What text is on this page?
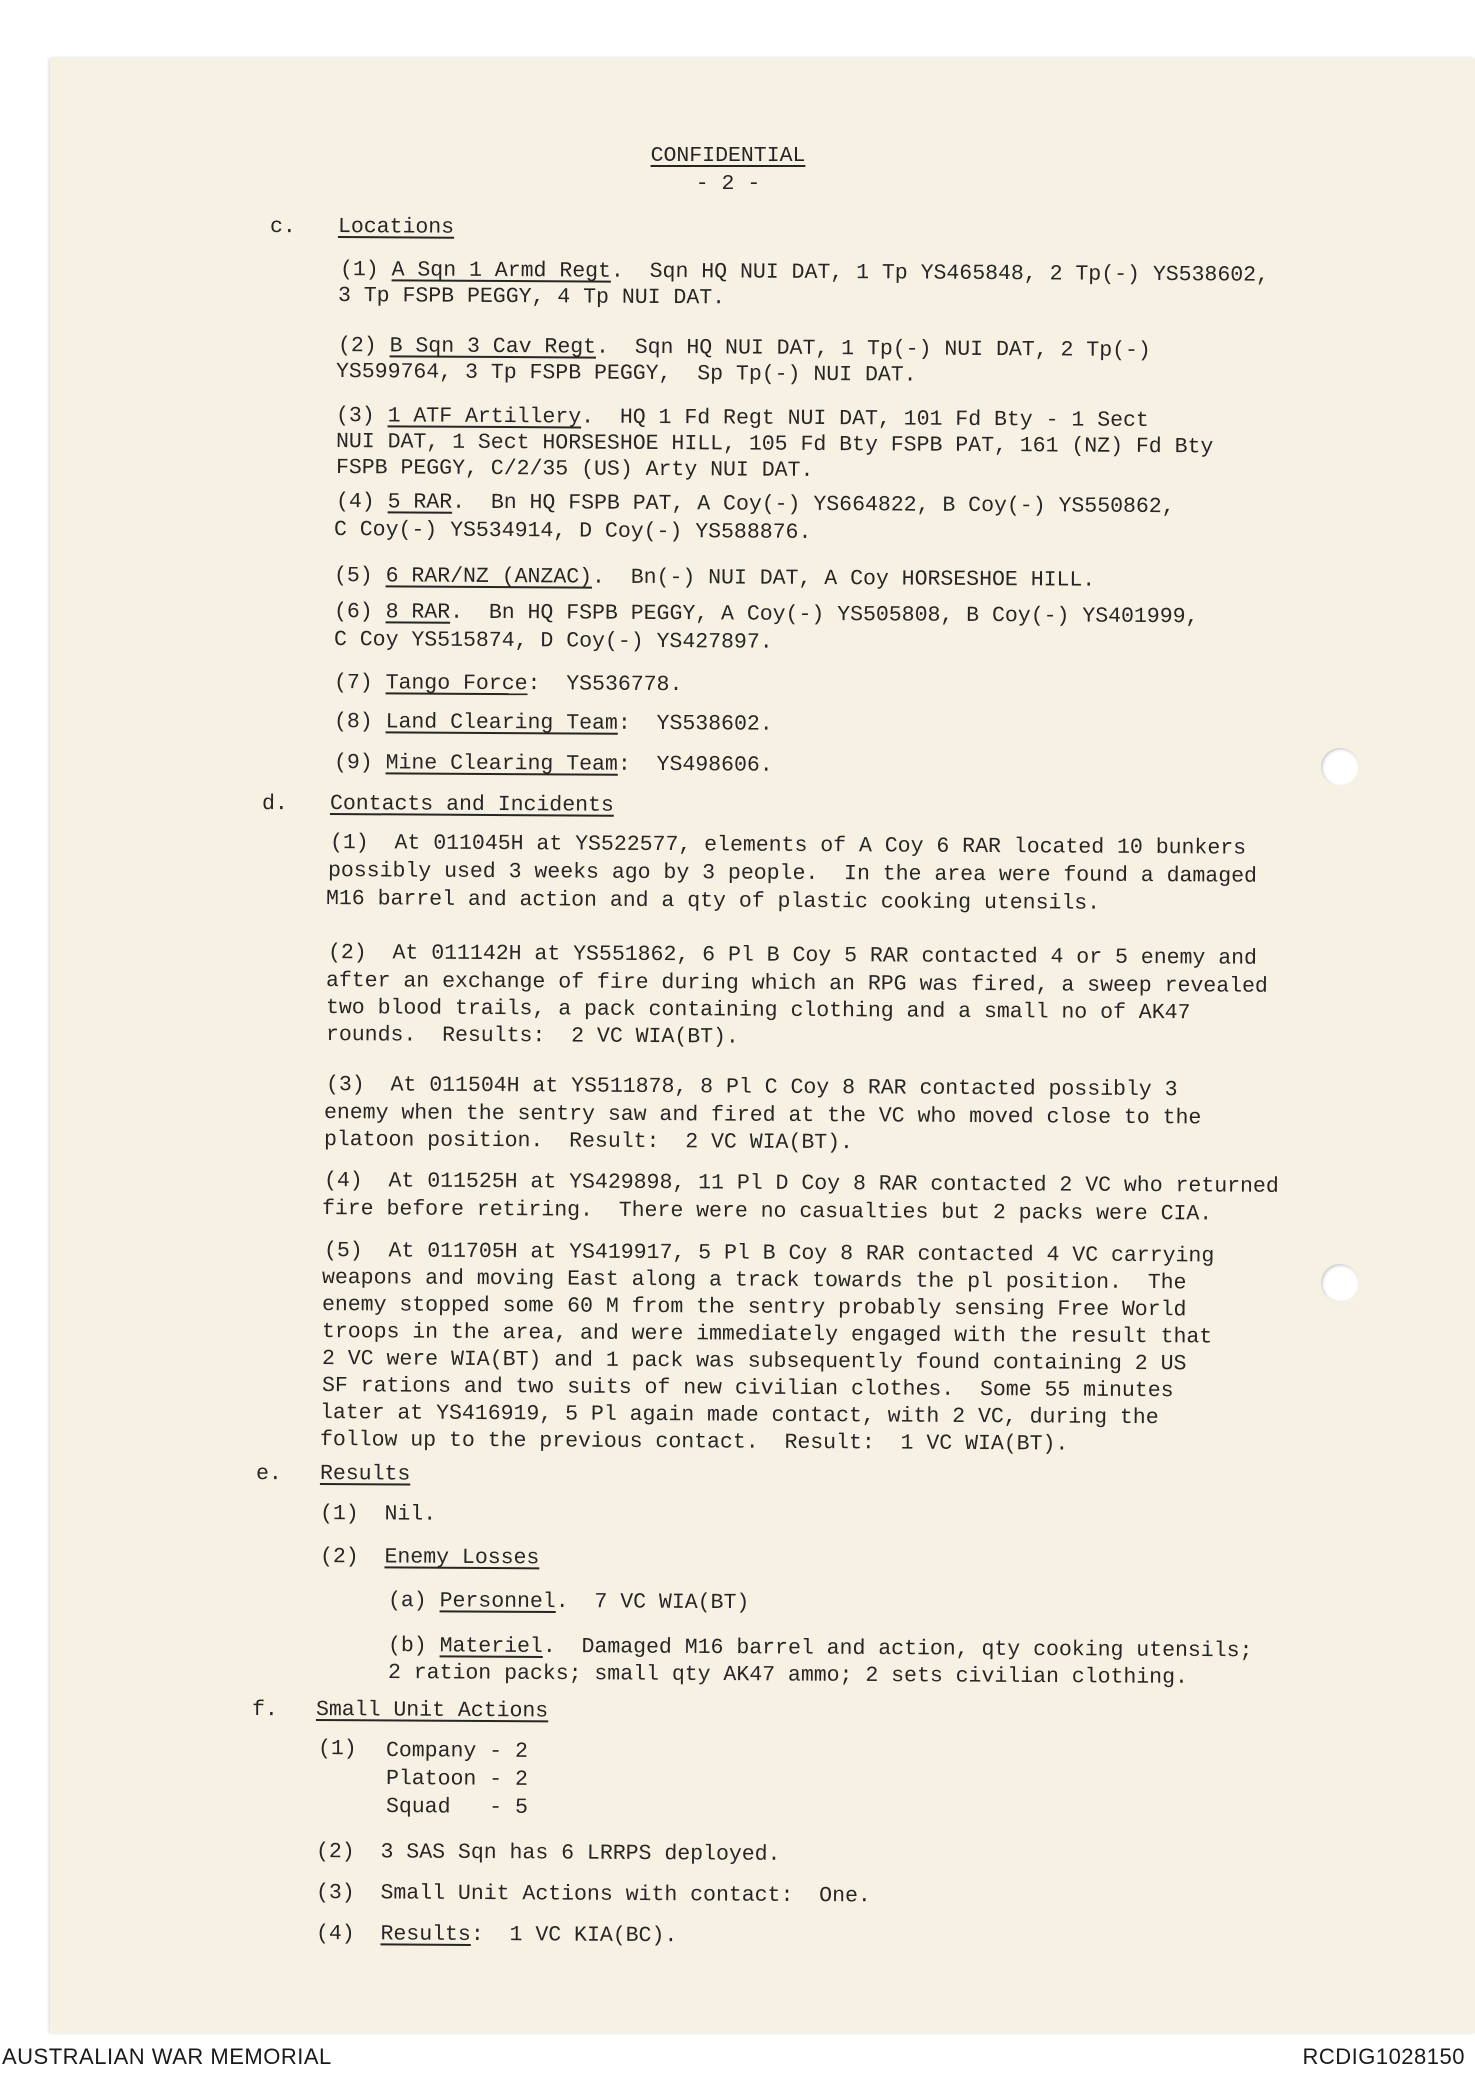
CONFIDENTIAL
- 2 -
c. Locations
(1) A Sqn 1 Armd Regt.  Sqn HQ NUI DAT, 1 Tp YS465848, 2 Tp(-) YS538602,
3 Tp FSPB PEGGY, 4 Tp NUI DAT.
(2) B Sqn 3 Cav Regt.  Sqn HQ NUI DAT, 1 Tp(-) NUI DAT, 2 Tp(-)
YS599764, 3 Tp FSPB PEGGY,  Sp Tp(-) NUI DAT.
(3) 1 ATF Artillery.  HQ 1 Fd Regt NUI DAT, 101 Fd Bty - 1 Sect
NUI DAT, 1 Sect HORSESHOE HILL, 105 Fd Bty FSPB PAT, 161 (NZ) Fd Bty
FSPB PEGGY, C/2/35 (US) Arty NUI DAT.
(4) 5 RAR.  Bn HQ FSPB PAT, A Coy(-) YS664822, B Coy(-) YS550862,
C Coy(-) YS534914, D Coy(-) YS588876.
(5) 6 RAR/NZ (ANZAC).  Bn(-) NUI DAT, A Coy HORSESHOE HILL.
(6) 8 RAR.  Bn HQ FSPB PEGGY, A Coy(-) YS505808, B Coy(-) YS401999,
C Coy YS515874, D Coy(-) YS427897.
(7) Tango Force:  YS536778.
(8) Land Clearing Team:  YS538602.
(9) Mine Clearing Team:  YS498606.
d. Contacts and Incidents
(1) At 011045H at YS522577, elements of A Coy 6 RAR located 10 bunkers
possibly used 3 weeks ago by 3 people.  In the area were found a damaged
M16 barrel and action and a qty of plastic cooking utensils.
(2) At 011142H at YS551862, 6 Pl B Coy 5 RAR contacted 4 or 5 enemy and
after an exchange of fire during which an RPG was fired, a sweep revealed
two blood trails, a pack containing clothing and a small no of AK47
rounds.  Results:  2 VC WIA(BT).
(3) At 011504H at YS511878, 8 Pl C Coy 8 RAR contacted possibly 3
enemy when the sentry saw and fired at the VC who moved close to the
platoon position.  Result:  2 VC WIA(BT).
(4) At 011525H at YS429898, 11 Pl D Coy 8 RAR contacted 2 VC who returned
fire before retiring.  There were no casualties but 2 packs were CIA.
(5) At 011705H at YS419917, 5 Pl B Coy 8 RAR contacted 4 VC carrying
weapons and moving East along a track towards the pl position.  The
enemy stopped some 60 M from the sentry probably sensing Free World
troops in the area, and were immediately engaged with the result that
2 VC were WIA(BT) and 1 pack was subsequently found containing 2 US
SF rations and two suits of new civilian clothes.  Some 55 minutes
later at YS416919, 5 Pl again made contact, with 2 VC, during the
follow up to the previous contact.  Result:  1 VC WIA(BT).
e. Results
(1) Nil.
(2) Enemy Losses
(a) Personnel.  7 VC WIA(BT)
(b) Materiel.  Damaged M16 barrel and action, qty cooking utensils;
2 ration packs; small qty AK47 ammo; 2 sets civilian clothing.
f. Small Unit Actions
(1) Company - 2
Platoon - 2
Squad   - 5
(2) 3 SAS Sqn has 6 LRRPS deployed.
(3) Small Unit Actions with contact:  One.
(4) Results:  1 VC KIA(BC).
AUSTRALIAN WAR MEMORIAL	RCDIG1028150
